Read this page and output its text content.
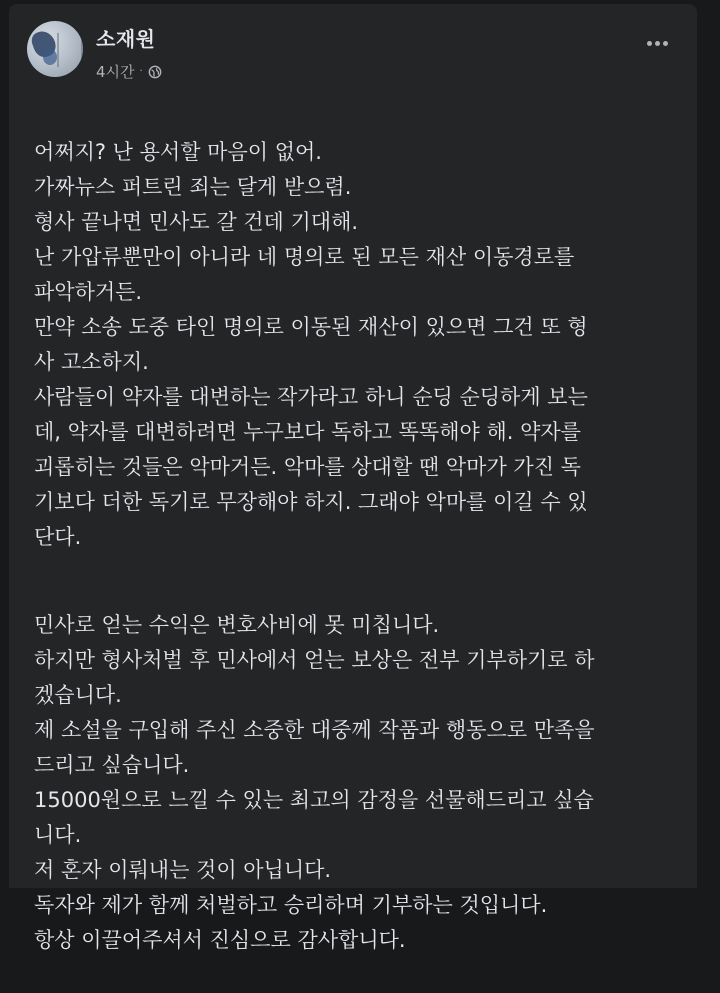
소재원
4시간 ·

어쩌지? 난 용서할 마음이 없어.
가짜뉴스 퍼트린 죄는 달게 받으렴.
형사 끝나면 민사도 갈 건데 기대해.
난 가압류뿐만이 아니라 네 명의로 된 모든 재산 이동경로를
파악하거든.
만약 소송 도중 타인 명의로 이동된 재산이 있으면 그건 또 형
사 고소하지.
사람들이 약자를 대변하는 작가라고 하니 순딩 순딩하게 보는
데, 약자를 대변하려면 누구보다 독하고 똑똑해야 해. 약자를
괴롭히는 것들은 악마거든. 악마를 상대할 땐 악마가 가진 독
기보다 더한 독기로 무장해야 하지. 그래야 악마를 이길 수 있
단다.

민사로 얻는 수익은 변호사비에 못 미칩니다.
하지만 형사처벌 후 민사에서 얻는 보상은 전부 기부하기로 하
겠습니다.
제 소설을 구입해 주신 소중한 대중께 작품과 행동으로 만족을
드리고 싶습니다.
15000원으로 느낄 수 있는 최고의 감정을 선물해드리고 싶습
니다.
저 혼자 이뤄내는 것이 아닙니다.
독자와 제가 함께 처벌하고 승리하며 기부하는 것입니다.
항상 이끌어주셔서 진심으로 감사합니다.
